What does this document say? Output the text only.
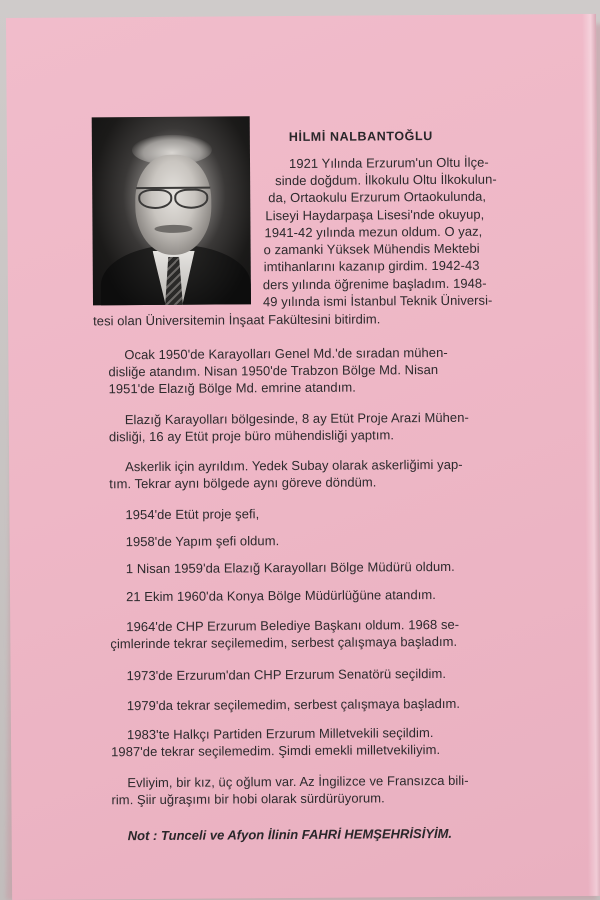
HİLMİ NALBANTOĞLU
1921 Yılında Erzurum'un Oltu İlçe-
sinde doğdum. İlkokulu Oltu İlkokulun-
da, Ortaokulu Erzurum Ortaokulunda,
Liseyi Haydarpaşa Lisesi'nde okuyup,
1941-42 yılında mezun oldum. O yaz,
o zamanki Yüksek Mühendis Mektebi
imtihanlarını kazanıp girdim. 1942-43
ders yılında öğrenime başladım. 1948-
49 yılında ismi İstanbul Teknik Üniversi-
tesi olan Üniversitemin İnşaat Fakültesini bitirdim.
Ocak 1950'de Karayolları Genel Md.'de sıradan mühen-
disliğe atandım. Nisan 1950'de Trabzon Bölge Md. Nisan
1951'de Elazığ Bölge Md. emrine atandım.
Elazığ Karayolları bölgesinde, 8 ay Etüt Proje Arazi Mühen-
disliği, 16 ay Etüt proje büro mühendisliği yaptım.
Askerlik için ayrıldım. Yedek Subay olarak askerliğimi yap-
tım. Tekrar aynı bölgede aynı göreve döndüm.
1954'de Etüt proje şefi,
1958'de Yapım şefi oldum.
1 Nisan 1959'da Elazığ Karayolları Bölge Müdürü oldum.
21 Ekim 1960'da Konya Bölge Müdürlüğüne atandım.
1964'de CHP Erzurum Belediye Başkanı oldum. 1968 se-
çimlerinde tekrar seçilemedim, serbest çalışmaya başladım.
1973'de Erzurum'dan CHP Erzurum Senatörü seçildim.
1979'da tekrar seçilemedim, serbest çalışmaya başladım.
1983'te Halkçı Partiden Erzurum Milletvekili seçildim.
1987'de tekrar seçilemedim. Şimdi emekli milletvekiliyim.
Evliyim, bir kız, üç oğlum var. Az İngilizce ve Fransızca bili-
rim. Şiir uğraşımı bir hobi olarak sürdürüyorum.
Not : Tunceli ve Afyon İlinin FAHRİ HEMŞEHRİSİYİM.
